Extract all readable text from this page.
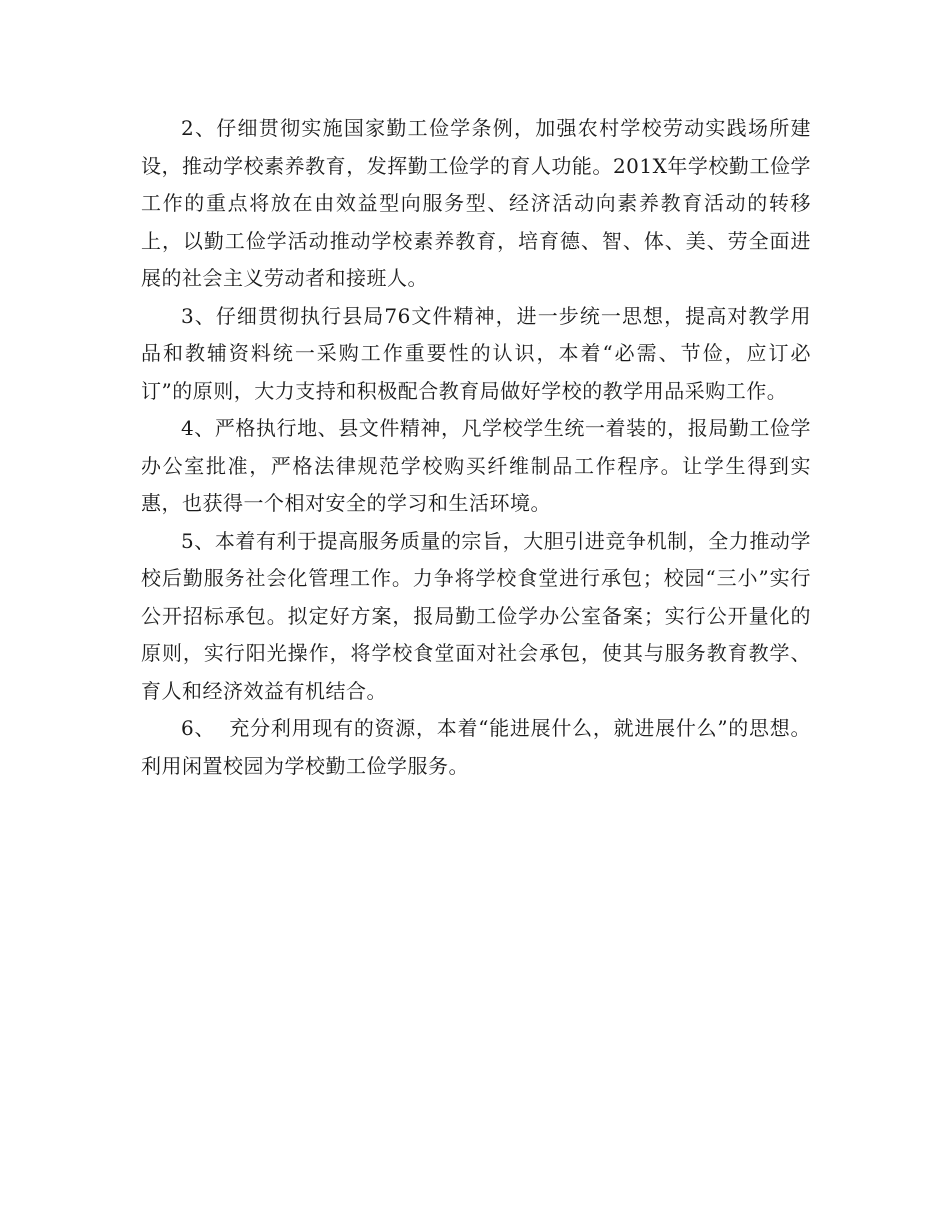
2、仔细贯彻实施国家勤工俭学条例，加强农村学校劳动实践场所建设，推动学校素养教育，发挥勤工俭学的育人功能。201X年学校勤工俭学工作的重点将放在由效益型向服务型、经济活动向素养教育活动的转移上，以勤工俭学活动推动学校素养教育，培育德、智、体、美、劳全面进展的社会主义劳动者和接班人。

3、仔细贯彻执行县局76文件精神，进一步统一思想，提高对教学用品和教辅资料统一采购工作重要性的认识，本着“必需、节俭，应订必订”的原则，大力支持和积极配合教育局做好学校的教学用品采购工作。

4、严格执行地、县文件精神，凡学校学生统一着装的，报局勤工俭学办公室批准，严格法律规范学校购买纤维制品工作程序。让学生得到实惠，也获得一个相对安全的学习和生活环境。

5、本着有利于提高服务质量的宗旨，大胆引进竞争机制，全力推动学校后勤服务社会化管理工作。力争将学校食堂进行承包；校园“三小”实行公开招标承包。拟定好方案，报局勤工俭学办公室备案；实行公开量化的原则，实行阳光操作，将学校食堂面对社会承包，使其与服务教育教学、育人和经济效益有机结合。

6、  充分利用现有的资源，本着“能进展什么，就进展什么”的思想。利用闲置校园为学校勤工俭学服务。
